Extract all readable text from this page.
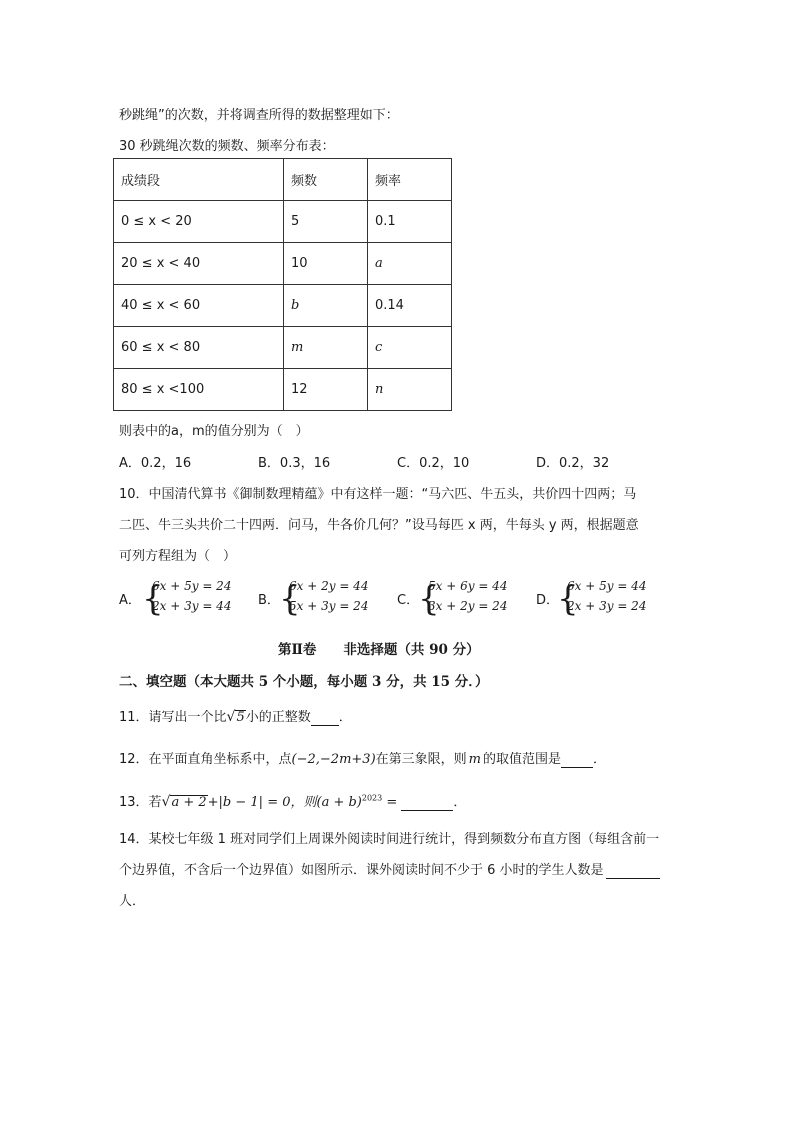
秒跳绳”的次数，并将调查所得的数据整理如下：
30 秒跳绳次数的频数、频率分布表：
成绩段	频数	频率
0 ≤ x < 20	5	0.1
20 ≤ x < 40	10	a
40 ≤ x < 60	b	0.14
60 ≤ x < 80	m	c
80 ≤ x <100	12	n
则表中的a，m的值分别为（　）
A．0.2，16	B．0.3，16	C．0.2，10	D．0.2，32
10．中国清代算书《御制数理精蕴》中有这样一题：“马六匹、牛五头，共价四十四两；马
二匹、牛三头共价二十四两．问马，牛各价几何？”设马每匹 x 两，牛每头 y 两，根据题意
可列方程组为（　）
A． {
6x + 5y = 24
2x + 3y = 44 B． {
6x + 2y = 44
5x + 3y = 24 C．
{
5x + 6y = 44
3x + 2y = 24 D．
{
6x + 5y = 44
2x + 3y = 24
第Ⅱ卷　　非选择题（共 90 分）
二、填空题（本大题共 5 个小题，每小题 3 分，共 15 分．）
11．请写出一个比√5小的正整数 ．
12．在平面直角坐标系中，点(−2,−2m+3)在第三象限，则 m 的取值范围是 ．
13．若√a + 2+|b − 1| = 0，则$(a + b)^{2023}$ =	．
14．某校七年级 1 班对同学们上周课外阅读时间进行统计，得到频数分布直方图（每组含前一
个边界值，不含后一个边界值）如图所示．课外阅读时间不少于 6 小时的学生人数是
人．
